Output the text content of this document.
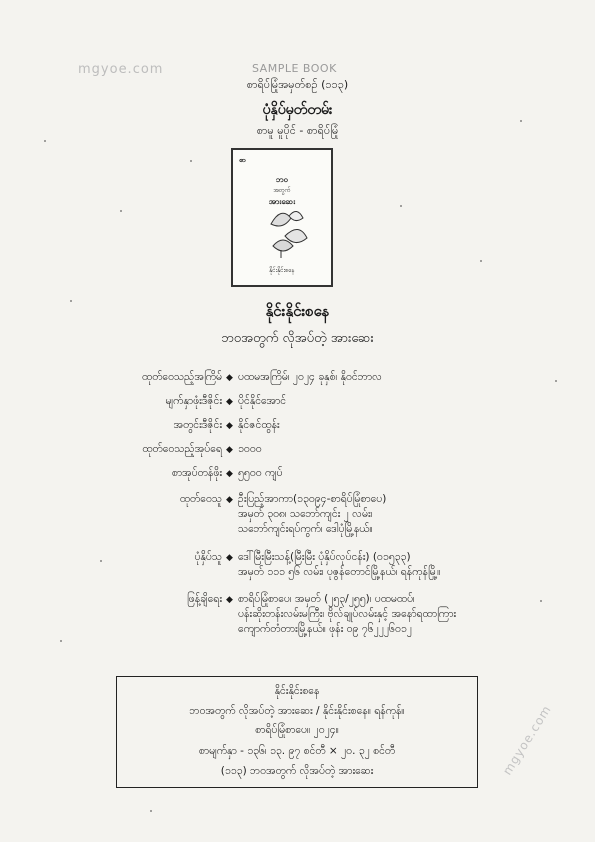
mgyoe.com	SAMPLE BOOK
mgyoe.com
စာရိပ်မြုံအမှတ်စဉ် (၁၁၃)
ပုံနှိပ်မှတ်တမ်း
စာမူ မူပိုင် - စာရိပ်မြုံ
စာ
ဘဝ
အတွက်
အားဆေး
နိုင်းနိုင်းစနေ
နိုင်းနိုင်းစနေ
ဘဝအတွက် လိုအပ်တဲ့ အားဆေး
ထုတ်ဝေသည့်အကြိမ် ◆ ပထမအကြိမ်၊ ၂၀၂၄ ခုနှစ်၊ နိုဝင်ဘာလ
မျက်နှာဖုံးဒီဇိုင်း ◆ ပိုင်နိုင်အောင်
အတွင်းဒီဇိုင်း ◆ နိုင်ဇင်ထွန်း
ထုတ်ဝေသည့်အုပ်ရေ ◆ ၁၀၀၀
စာအုပ်တန်ဖိုး ◆ ၅၅၀၀ ကျပ်
ထုတ်ဝေသူ ◆ ဦးပြည့်အာကာ(၁၃၀၉၄-စာရိပ်မြုံစာပေ)
အမှတ် ၃၀၈၊ သဘော်ကျင်း ၂ လမ်း၊
သဘော်ကျင်းရပ်ကွက်၊ ဒေါပုံမြို့နယ်။
ပုံနှိပ်သူ ◆ ဒေါ်မြီးမြီးသန့်(မြီးမြီး ပုံနှိပ်လုပ်ငန်း) (၀၁၅၃၃)
အမှတ် ၁၁၁ ၅၆ လမ်း၊ ပုဇွန်တောင်မြို့နယ်၊ ရန်ကုန်မြို့။
ဖြန့်ချိရေး ◆ စာရိပ်မြုံစာပေ၊ အမှတ် (၂၅၃/၂၅၅)၊ ပထမထပ်၊
ပန်းဆိုးတန်းလမ်းမကြီး၊ ဗိုလ်ချုပ်လမ်းနှင့် အနော်ရထာကြား
ကျောက်တံတားမြို့နယ်။ ဖုန်း ၀၉ ၇၆၂၂၂၆၀၁၂
နိုင်းနိုင်းစနေ
ဘဝအတွက် လိုအပ်တဲ့ အားဆေး / နိုင်းနိုင်းစနေ။ ရန်ကုန်။
စာရိပ်မြုံစာပေ။ ၂၀၂၄။
စာမျက်နှာ - ၁၃၆၊ ၁၃. ၉၇ စင်တီ × ၂၀. ၃၂ စင်တီ
(၁၁၃) ဘဝအတွက် လိုအပ်တဲ့ အားဆေး
